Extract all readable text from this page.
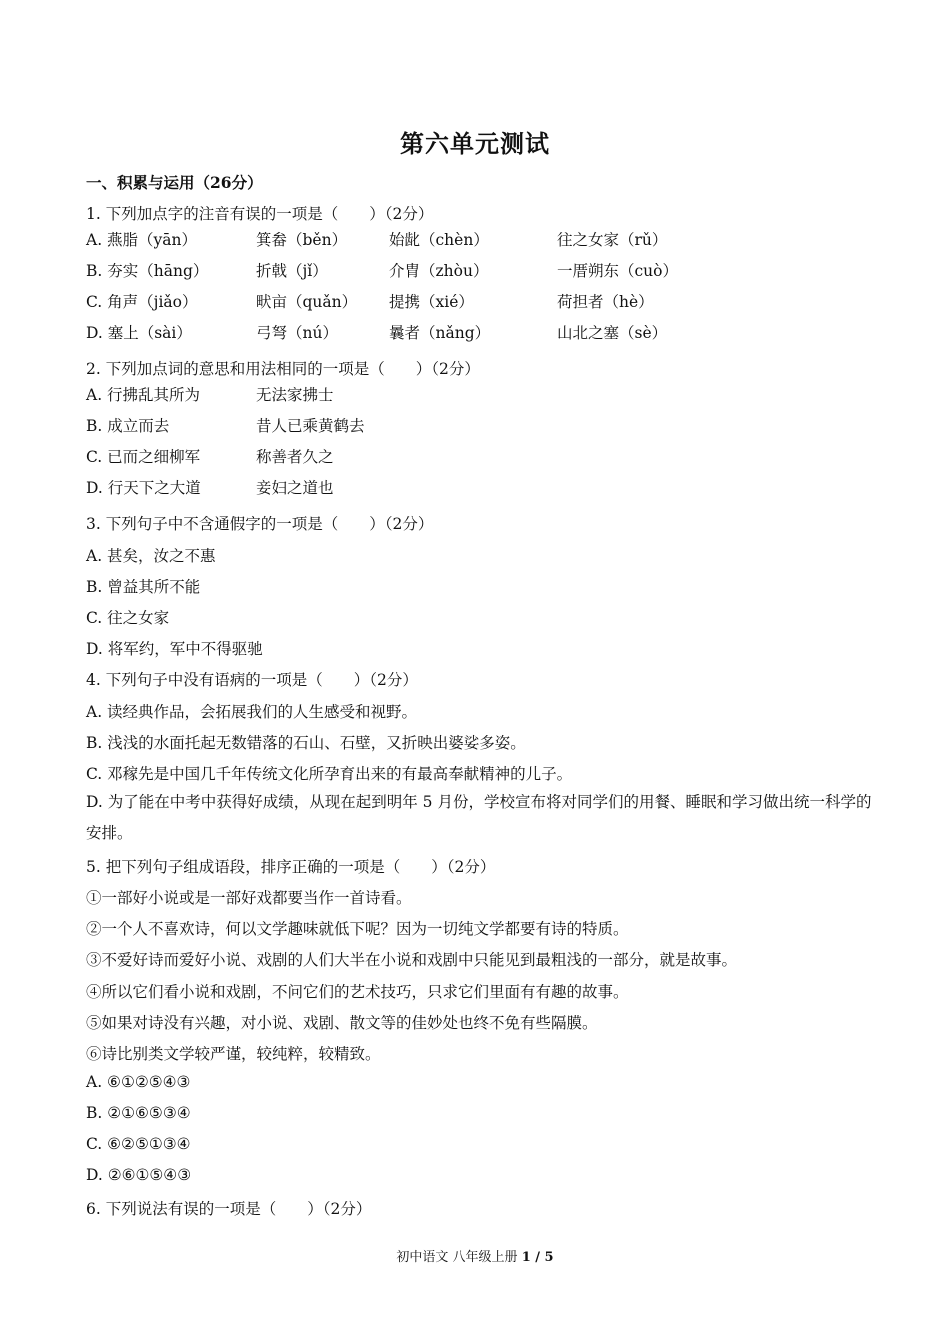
第六单元测试
一、积累与运用（26分）
1. 下列加点字的注音有误的一项是（　　）（2分）
A. 燕脂（yān）	箕畚（běn）	始龀（chèn）	往之女家（rǔ）
B. 夯实（hāng）	折戟（jǐ）	介胄（zhòu）	一厝朔东（cuò）
C. 角声（jiǎo）	畎亩（quǎn） 提携（xié）	荷担者（hè）
D. 塞上（sài）	弓弩（nú）	曩者（nǎng）	山北之塞（sè）
2. 下列加点词的意思和用法相同的一项是（　　）（2分）
A. 行拂乱其所为	无法家拂士
B. 成立而去	昔人已乘黄鹤去
C. 已而之细柳军	称善者久之
D. 行天下之大道	妾妇之道也
3. 下列句子中不含通假字的一项是（　　）（2分）
A. 甚矣，汝之不惠
B. 曾益其所不能
C. 往之女家
D. 将军约，军中不得驱驰
4. 下列句子中没有语病的一项是（　　）（2分）
A. 读经典作品，会拓展我们的人生感受和视野。
B. 浅浅的水面托起无数错落的石山、石壁，又折映出婆娑多姿。
C. 邓稼先是中国几千年传统文化所孕育出来的有最高奉献精神的儿子。
D. 为了能在中考中获得好成绩，从现在起到明年 5 月份，学校宣布将对同学们的用餐、睡眠和学习做出统一科学的安排。
5. 把下列句子组成语段，排序正确的一项是（　　）（2分）
①一部好小说或是一部好戏都要当作一首诗看。
②一个人不喜欢诗，何以文学趣味就低下呢？因为一切纯文学都要有诗的特质。
③不爱好诗而爱好小说、戏剧的人们大半在小说和戏剧中只能见到最粗浅的一部分，就是故事。
④所以它们看小说和戏剧，不问它们的艺术技巧，只求它们里面有有趣的故事。
⑤如果对诗没有兴趣，对小说、戏剧、散文等的佳妙处也终不免有些隔膜。
⑥诗比别类文学较严谨，较纯粹，较精致。
A. ⑥①②⑤④③
B. ②①⑥⑤③④
C. ⑥②⑤①③④
D. ②⑥①⑤④③
6. 下列说法有误的一项是（　　）（2分）
初中语文 八年级上册 1 / 5
